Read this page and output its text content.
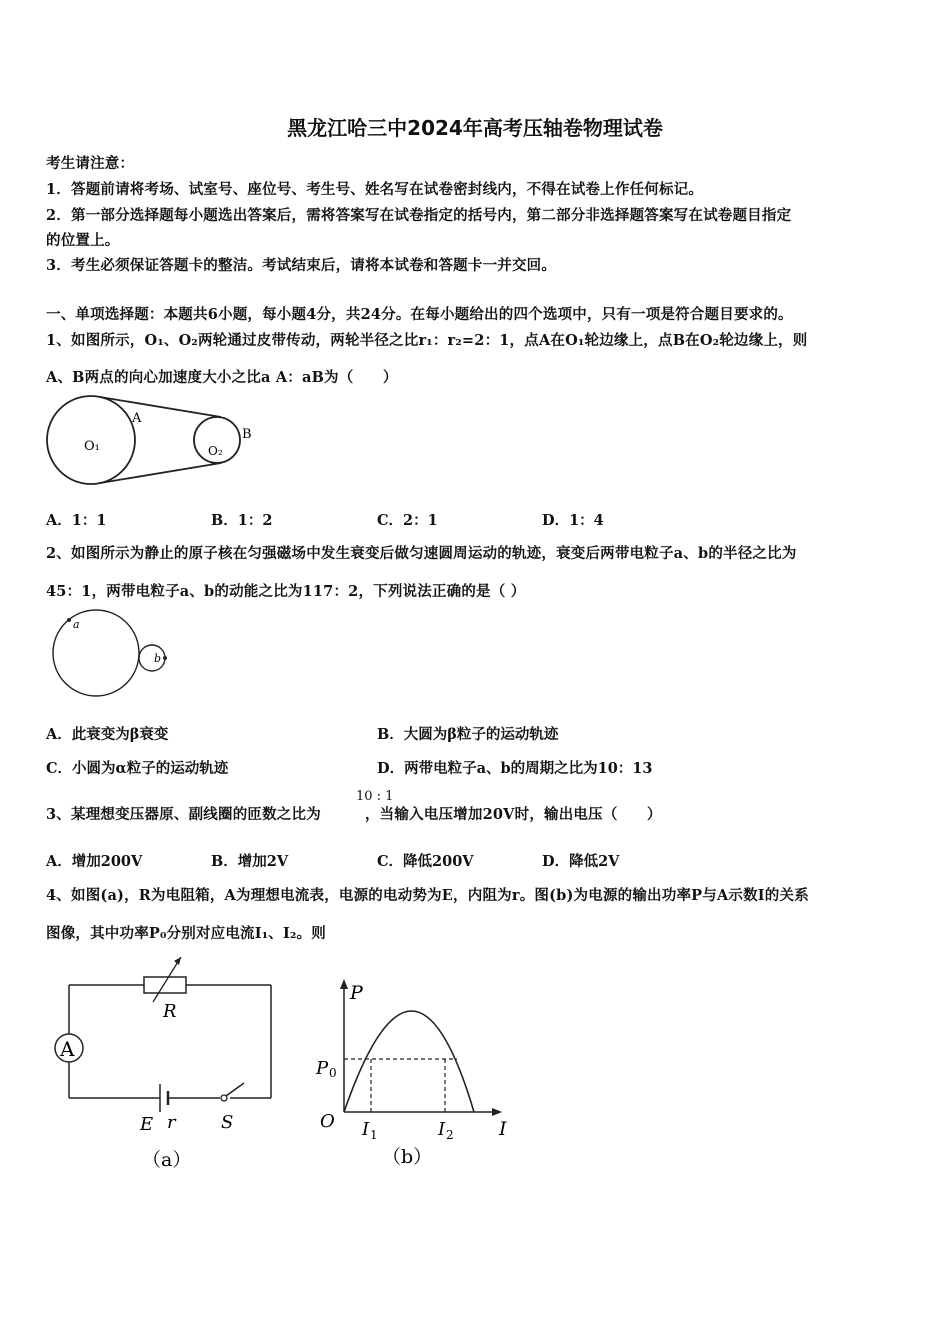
黑龙江哈三中2024年高考压轴卷物理试卷
考生请注意：
1．答题前请将考场、试室号、座位号、考生号、姓名写在试卷密封线内，不得在试卷上作任何标记。
2．第一部分选择题每小题选出答案后，需将答案写在试卷指定的括号内，第二部分非选择题答案写在试卷题目指定
的位置上。
3．考生必须保证答题卡的整洁。考试结束后，请将本试卷和答题卡一并交回。
一、单项选择题：本题共6小题，每小题4分，共24分。在每小题给出的四个选项中，只有一项是符合题目要求的。
1、如图所示，O₁、O₂两轮通过皮带传动，两轮半径之比r₁：r₂=2：1，点A在O₁轮边缘上，点B在O₂轮边缘上，则
A、B两点的向心加速度大小之比a A：aB为（　　）
A
B
O₁	O₂
A．1：1	B．1：2	C．2：1	D．1：4
2、如图所示为静止的原子核在匀强磁场中发生衰变后做匀速圆周运动的轨迹，衰变后两带电粒子a、b的半径之比为
45：1，两带电粒子a、b的动能之比为117：2，下列说法正确的是（ ）
a
b
A．此衰变为β衰变	B．大圆为β粒子的运动轨迹
C．小圆为α粒子的运动轨迹	D．两带电粒子a、b的周期之比为10：13
3、某理想变压器原、副线圈的匝数之比为　　　，当输入电压增加20V时，输出电压（　　）
10 : 1
A．增加200V	B．增加2V	C．降低200V	D．降低2V
4、如图(a)，R为电阻箱，A为理想电流表，电源的电动势为E，内阻为r。图(b)为电源的输出功率P与A示数I的关系
图像，其中功率P₀分别对应电流I₁、I₂。则
A
R
E r	S
（a）
P
P 0
O I 1	I 2 I
（b）
